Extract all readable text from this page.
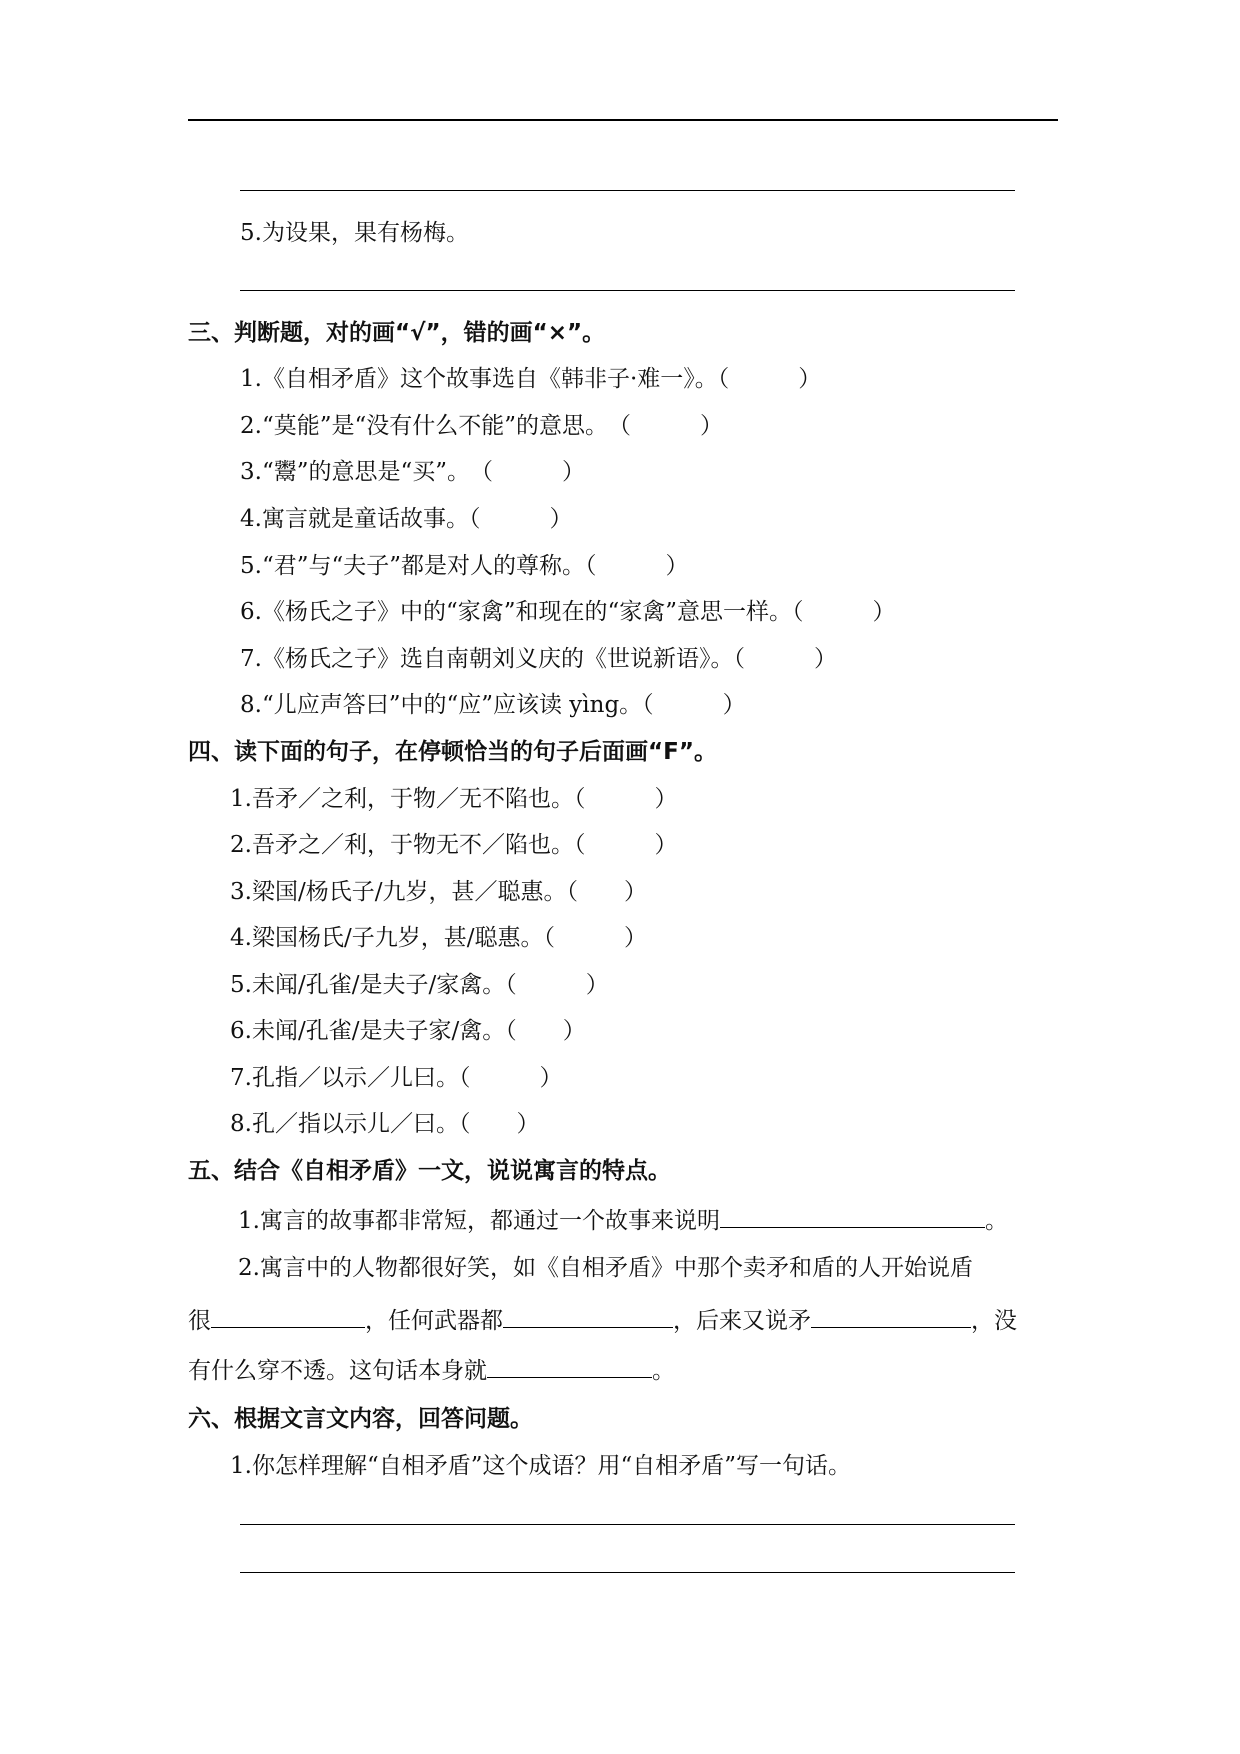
5.为设果，果有杨梅。
三、判断题，对的画“√”，错的画“×”。
1.《自相矛盾》这个故事选自《韩非子·难一》。（　　　）
2.“莫能”是“没有什么不能”的意思。　（　　　）
3.“鬻”的意思是“买”。　（　　　）
4.寓言就是童话故事。（　　　）
5.“君”与“夫子”都是对人的尊称。（　　　）
6.《杨氏之子》中的“家禽”和现在的“家禽”意思一样。（　　　）
7.《杨氏之子》选自南朝刘义庆的《世说新语》。（　　　）
8.“儿应声答曰”中的“应”应该读 yìng。（　　　）
四、读下面的句子，在停顿恰当的句子后面画“F”。
1.吾矛／之利，于物／无不陷也。（　　　）
2.吾矛之／利，于物无不／陷也。（　　　）
3.梁国/杨氏子/九岁，甚／聪惠。（　　）
4.梁国杨氏/子九岁，甚/聪惠。（　　　）
5.未闻/孔雀/是夫子/家禽。（　　　）
6.未闻/孔雀/是夫子家/禽。（　　）
7.孔指／以示／儿曰。（　　　）
8.孔／指以示儿／曰。（　　）
五、结合《自相矛盾》一文，说说寓言的特点。
1.寓言的故事都非常短，都通过一个故事来说明	。
2.寓言中的人物都很好笑，如《自相矛盾》中那个卖矛和盾的人开始说盾
很	，任何武器都	，后来又说矛	，没
有什么穿不透。这句话本身就	。
六、根据文言文内容，回答问题。
1.你怎样理解“自相矛盾”这个成语？用“自相矛盾”写一句话。
